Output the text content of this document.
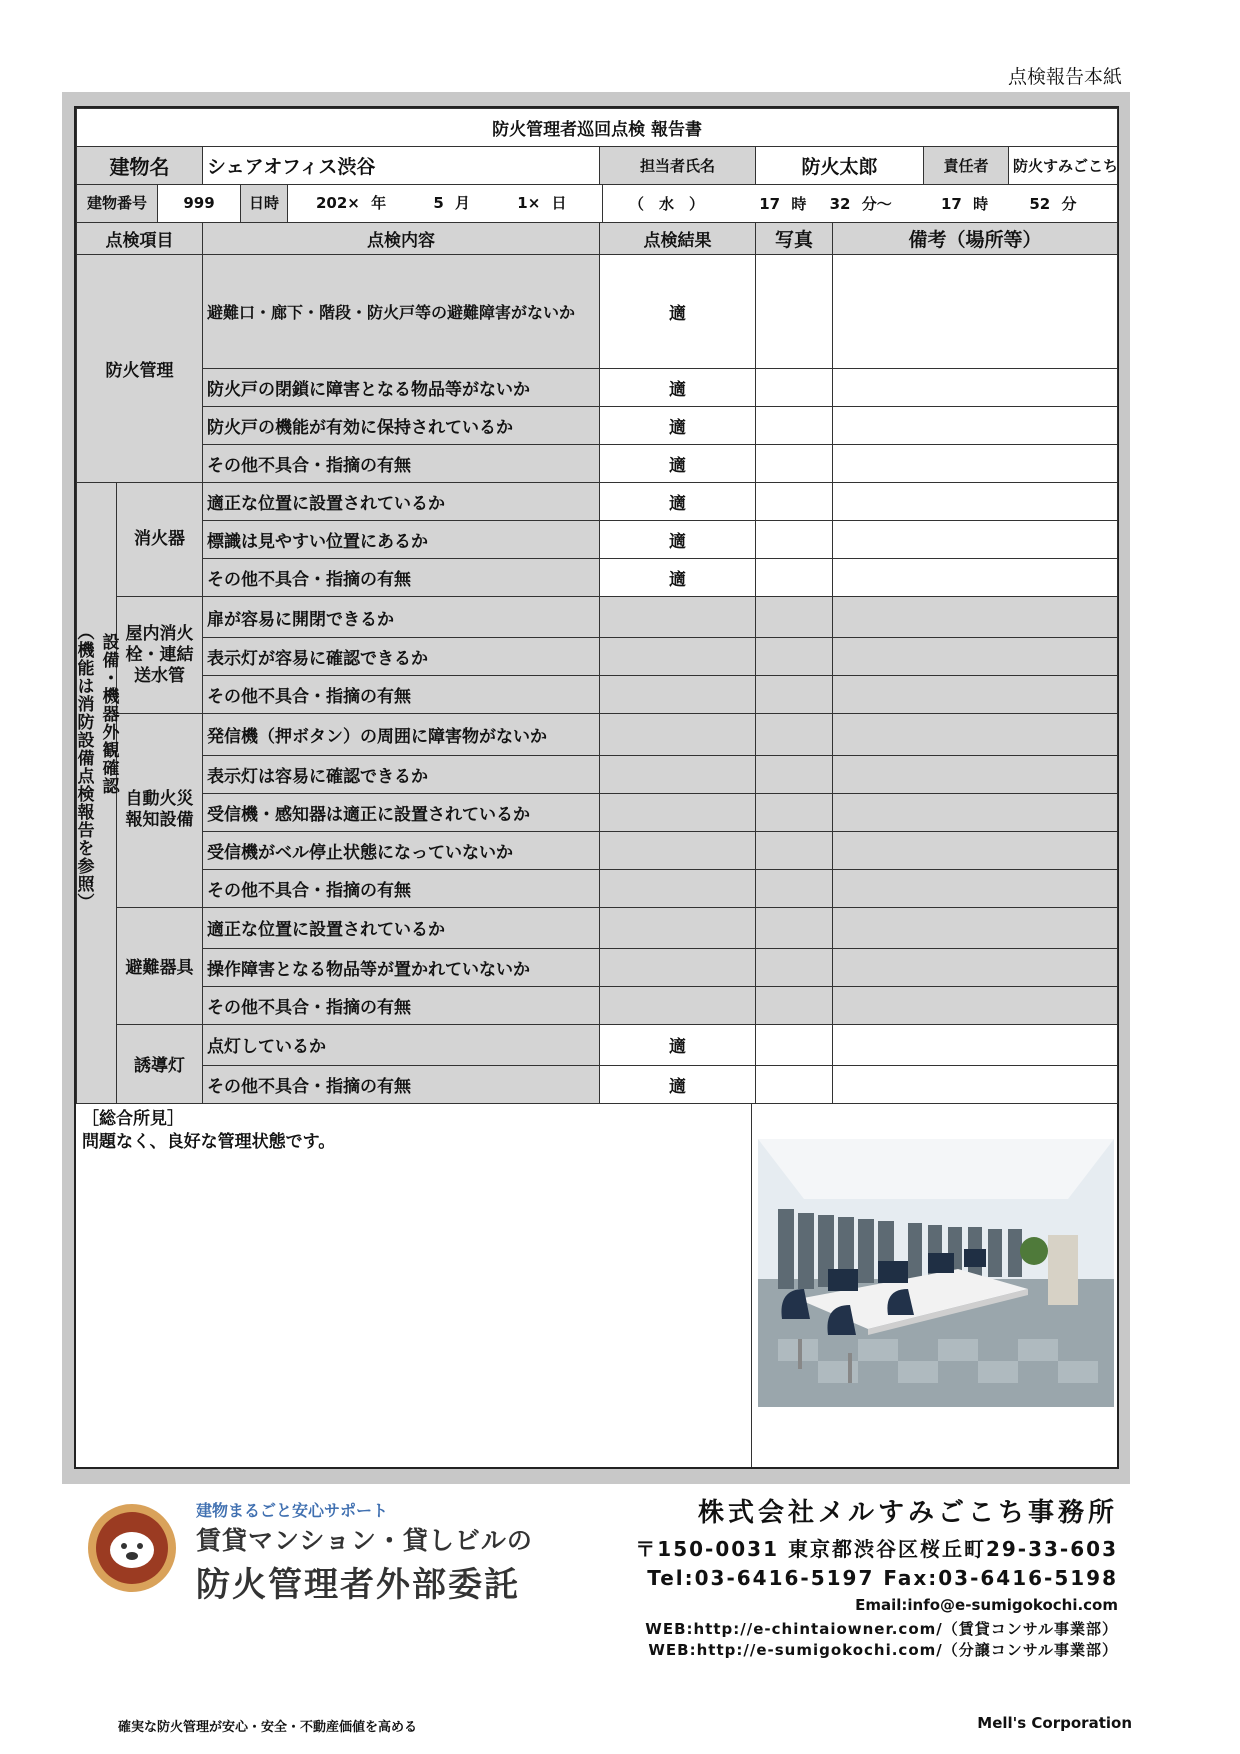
点検報告本紙
防火管理者巡回点検 報告書							
建物名		シェアオフィス渋谷	担当者氏名	防火太郎		責任者	防火すみごこち

建物番号 999 日時 202× 年 5 月 1× 日 （　水　） 17 時 32 分～ 17 時 52 分							

点検項目		点検内容	点検結果	写真	備考（場所等）		
防火管理		避難口・廊下・階段・防火戸等の避難障害がないか	適				
		防火戸の閉鎖に障害となる物品等がないか	適				
		防火戸の機能が有効に保持されているか	適				
		その他不具合・指摘の有無	適				

設備・機器外観確認
（機能は消防設備点検報告を参照）	消火器	適正な位置に設置されているか	適				
		標識は見やすい位置にあるか	適				
		その他不具合・指摘の有無	適				
	屋内消火栓・連結送水管	扉が容易に開閉できるか					
		表示灯が容易に確認できるか					
		その他不具合・指摘の有無					
	自動火災報知設備	発信機（押ボタン）の周囲に障害物がないか					
		表示灯は容易に確認できるか					
		受信機・感知器は適正に設置されているか					
		受信機がベル停止状態になっていないか					
		その他不具合・指摘の有無					
	避難器具	適正な位置に設置されているか					
		操作障害となる物品等が置かれていないか					
		その他不具合・指摘の有無					
	誘導灯	点灯しているか	適				
		その他不具合・指摘の有無	適				
［総合所見］
問題なく、良好な管理状態です。
建物まるごと安心サポート
賃貸マンション・貸しビルの
防火管理者外部委託
株式会社メルすみごこち事務所
〒150-0031 東京都渋谷区桜丘町29-33-603
Tel:03-6416-5197 Fax:03-6416-5198
Email:info@e-sumigokochi.com
WEB:http://e-chintaiowner.com/（賃貸コンサル事業部）
WEB:http://e-sumigokochi.com/（分譲コンサル事業部）
確実な防火管理が安心・安全・不動産価値を高める	Mell's Corporation
